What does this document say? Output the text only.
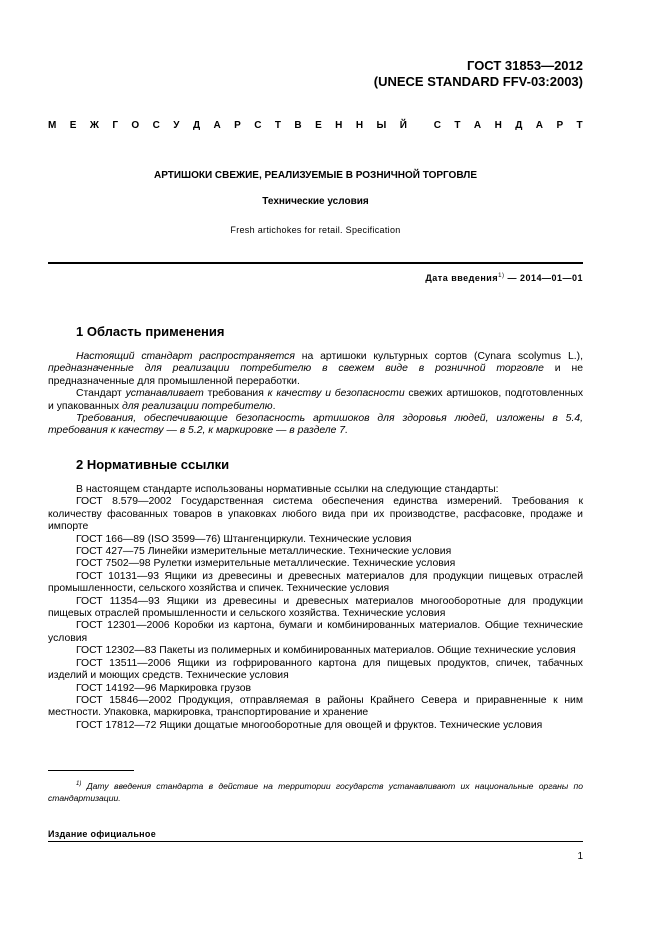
ГОСТ 31853—2012
(UNECE STANDARD FFV-03:2003)
М Е Ж Г О С У Д А Р С Т В Е Н Н Ы Й	С Т А Н Д А Р Т
АРТИШОКИ СВЕЖИЕ, РЕАЛИЗУЕМЫЕ В РОЗНИЧНОЙ ТОРГОВЛЕ
Технические условия
Fresh artichokes for retail. Specification
Дата введения$^{1)}$ — 2014—01—01
1 Область применения

Настоящий стандарт распространяется на артишоки культурных сортов (Cynara scolymus L.), предназначенные для реализации потребителю в свежем виде в розничной торговле и не предназначенные для промышленной переработки.

Стандарт устанавливает требования к качеству и безопасности свежих артишоков, подготовленных и упакованных для реализации потребителю.

Требования, обеспечивающие безопасность артишоков для здоровья людей, изложены в 5.4, требования к качеству — в 5.2, к маркировке — в разделе 7.

2 Нормативные ссылки

В настоящем стандарте использованы нормативные ссылки на следующие стандарты:

ГОСТ 8.579—2002 Государственная система обеспечения единства измерений. Требования к количеству фасованных товаров в упаковках любого вида при их производстве, расфасовке, продаже и импорте

ГОСТ 166—89 (ISO 3599—76) Штангенциркули. Технические условия

ГОСТ 427—75 Линейки измерительные металлические. Технические условия

ГОСТ 7502—98 Рулетки измерительные металлические. Технические условия

ГОСТ 10131—93 Ящики из древесины и древесных материалов для продукции пищевых отраслей промышленности, сельского хозяйства и спичек. Технические условия

ГОСТ 11354—93 Ящики из древесины и древесных материалов многооборотные для продукции пищевых отраслей промышленности и сельского хозяйства. Технические условия

ГОСТ 12301—2006 Коробки из картона, бумаги и комбинированных материалов. Общие технические условия

ГОСТ 12302—83 Пакеты из полимерных и комбинированных материалов. Общие технические условия

ГОСТ 13511—2006 Ящики из гофрированного картона для пищевых продуктов, спичек, табачных изделий и моющих средств. Технические условия

ГОСТ 14192—96 Маркировка грузов

ГОСТ 15846—2002 Продукция, отправляемая в районы Крайнего Севера и приравненные к ним местности. Упаковка, маркировка, транспортирование и хранение

ГОСТ 17812—72 Ящики дощатые многооборотные для овощей и фруктов. Технические условия

$^{1)}$ Дату введения стандарта в действие на территории государств устанавливают их национальные органы по стандартизации.
Издание официальное
1
